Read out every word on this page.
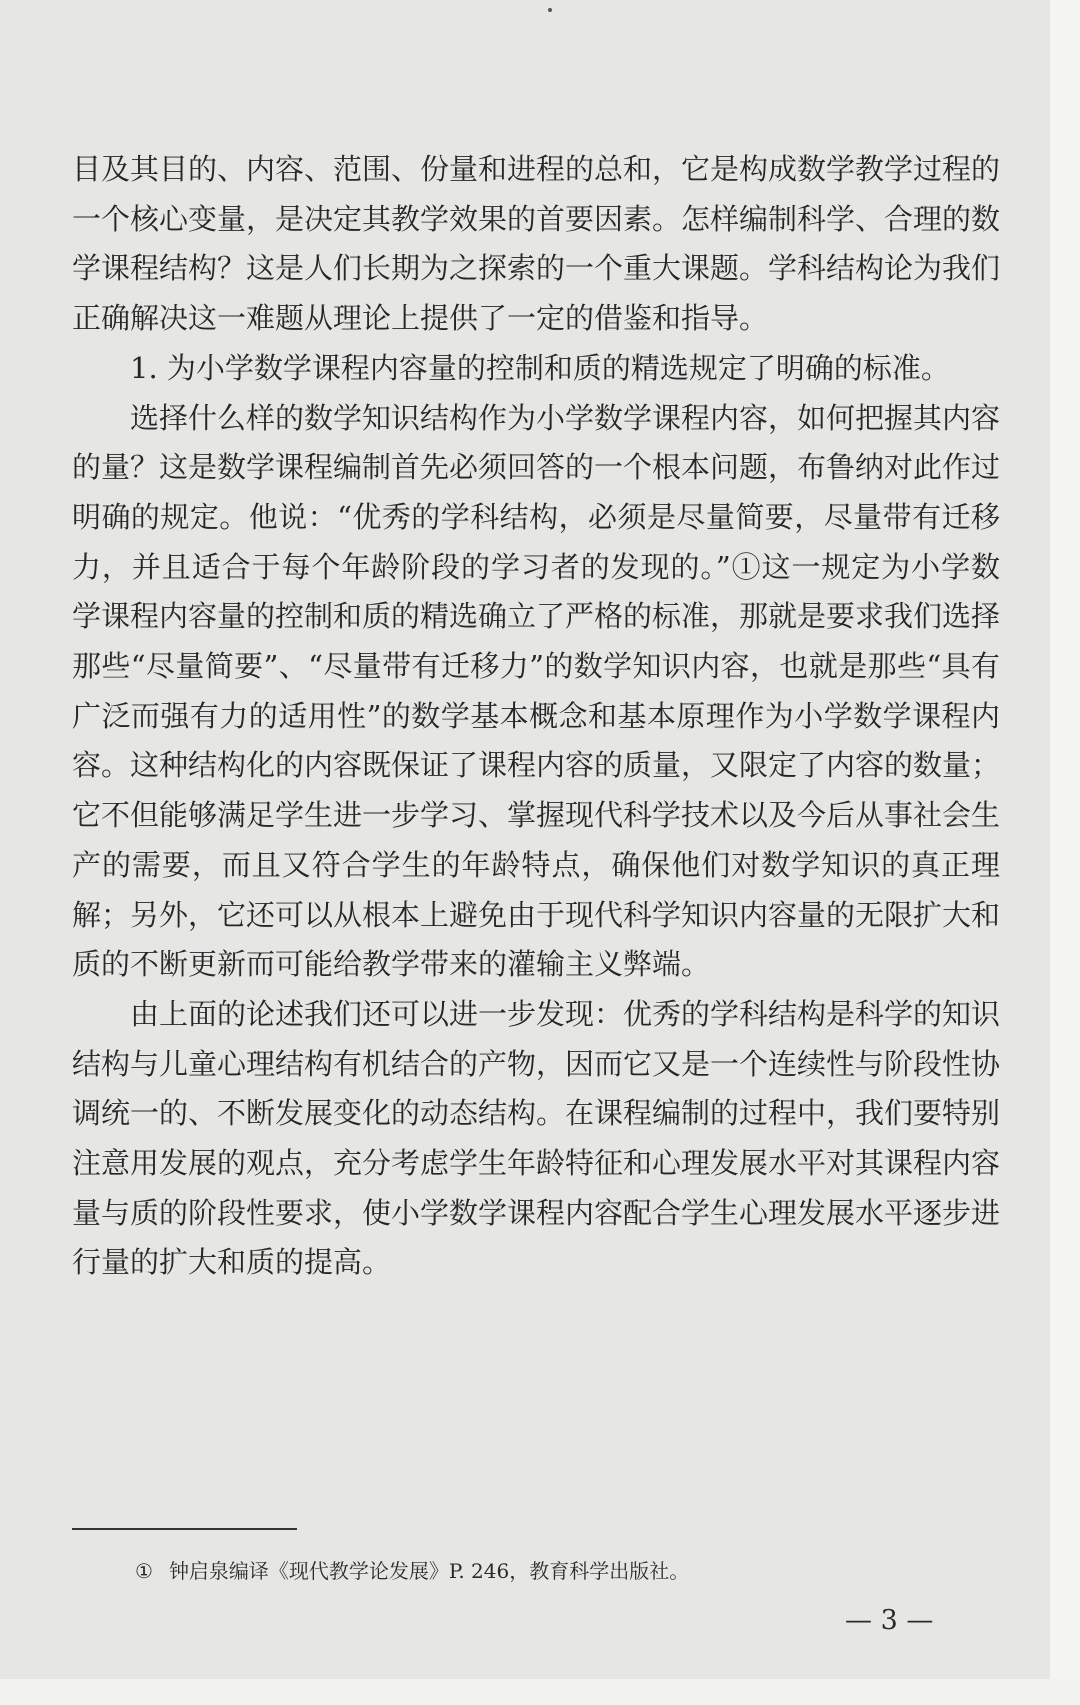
目及其目的、内容、范围、份量和进程的总和，它是构成数学教学过程的一个核心变量，是决定其教学效果的首要因素。怎样编制科学、合理的数学课程结构？这是人们长期为之探索的一个重大课题。学科结构论为我们正确解决这一难题从理论上提供了一定的借鉴和指导。

1. 为小学数学课程内容量的控制和质的精选规定了明确的标准。

选择什么样的数学知识结构作为小学数学课程内容，如何把握其内容的量？这是数学课程编制首先必须回答的一个根本问题，布鲁纳对此作过明确的规定。他说：“优秀的学科结构，必须是尽量简要，尽量带有迁移力，并且适合于每个年龄阶段的学习者的发现的。”①这一规定为小学数学课程内容量的控制和质的精选确立了严格的标准，那就是要求我们选择那些“尽量简要”、“尽量带有迁移力”的数学知识内容，也就是那些“具有广泛而强有力的适用性”的数学基本概念和基本原理作为小学数学课程内容。这种结构化的内容既保证了课程内容的质量，又限定了内容的数量；它不但能够满足学生进一步学习、掌握现代科学技术以及今后从事社会生产的需要，而且又符合学生的年龄特点，确保他们对数学知识的真正理解；另外，它还可以从根本上避免由于现代科学知识内容量的无限扩大和质的不断更新而可能给教学带来的灌输主义弊端。

由上面的论述我们还可以进一步发现：优秀的学科结构是科学的知识结构与儿童心理结构有机结合的产物，因而它又是一个连续性与阶段性协调统一的、不断发展变化的动态结构。在课程编制的过程中，我们要特别注意用发展的观点，充分考虑学生年龄特征和心理发展水平对其课程内容量与质的阶段性要求，使小学数学课程内容配合学生心理发展水平逐步进行量的扩大和质的提高。

① 钟启泉编译《现代教学论发展》P. 246，教育科学出版社。
— 3 —
